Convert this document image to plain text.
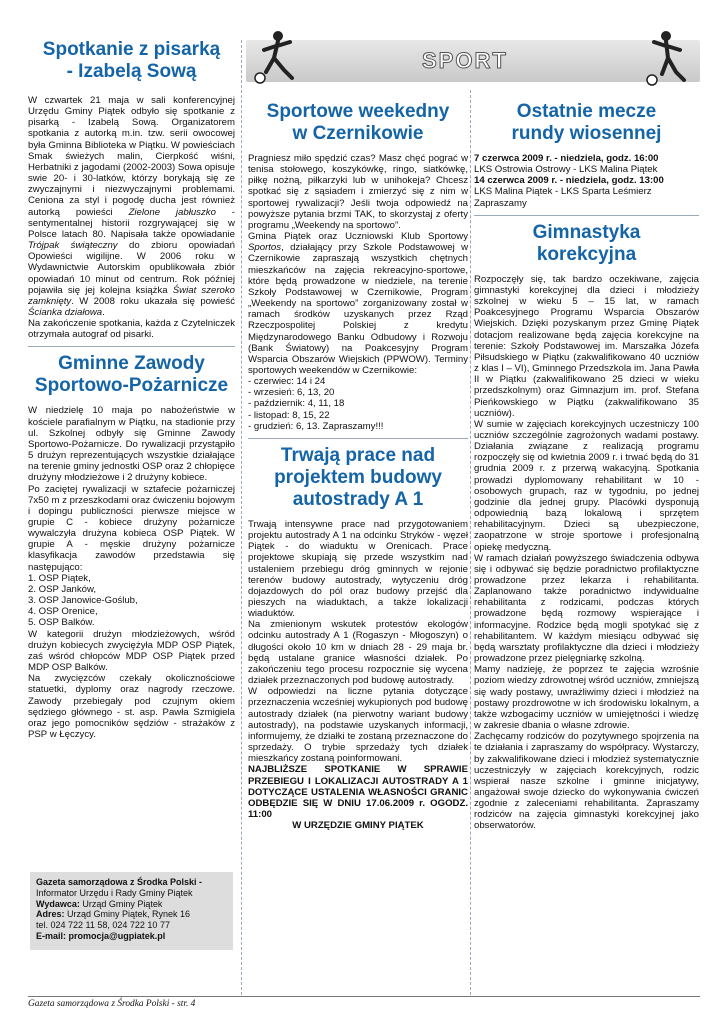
SPORT
Spotkanie z pisarką
- Izabelą Sową

W czwartek 21 maja w sali konferencyjnej Urzędu Gminy Piątek odbyło się spotkanie z pisarką - Izabelą Sową. Organizatorem spotkania z autorką m.in. tzw. serii owocowej była Gminna Biblioteka w Piątku. W powieściach Smak świeżych malin, Cierpkość wiśni, Herbatniki z jagodami (2002-2003) Sowa opisuje swie 20- i 30-latków, którzy borykają się ze zwyczajnymi i niezwyczajnymi problemami. Ceniona za styl i pogodę ducha jest również autorką powieści Zielone jabłuszko - sentymentalnej historii rozgrywającej się w Polsce latach 80. Napisała także opowiadanie Trójpak świąteczny do zbioru opowiadań Opowieści wigilijne. W 2006 roku w Wydawnictwie Autorskim opublikowała zbiór opowiadań 10 minut od centrum. Rok później pojawiła się jej kolejna książka Świat szeroko zamknięty. W 2008 roku ukazała się powieść Ścianka działowa.

Na zakończenie spotkania, każda z Czytelniczek otrzymała autograf od pisarki.

Gminne Zawody
Sportowo-Pożarnicze

W niedzielę 10 maja po nabożeństwie w kościele parafialnym w Piątku, na stadionie przy ul. Szkolnej odbyły się Gminne Zawody Sportowo-Pożarnicze. Do rywalizacji przystąpiło 5 drużyn reprezentujących wszystkie działające na terenie gminy jednostki OSP oraz 2 chłopięce drużyny młodzieżowe i 2 drużyny kobiece.

Po zaciętej rywalizacji w sztafecie pożarniczej 7x50 m z przeszkodami oraz ćwiczeniu bojowym i dopingu publiczności pierwsze miejsce w grupie C - kobiece drużyny pożarnicze wywalczyła drużyna kobieca OSP Piątek. W grupie A - męskie drużyny pożarnicze klasyfikacja zawodów przedstawia się następująco:

1. OSP Piątek,

2. OSP Janków,

3. OSP Janowice-Goślub,

4. OSP Orenice,

5. OSP Balków.

W kategorii drużyn młodzieżowych, wśród drużyn kobiecych zwyciężyła MDP OSP Piątek, zaś wśród chłopców MDP OSP Piątek przed MDP OSP Balków.

Na zwycięzców czekały okolicznościowe statuetki, dyplomy oraz nagrody rzeczowe. Zawody przebiegały pod czujnym okiem sędziego głównego - st. asp. Pawła Szmigiela oraz jego pomocników sędziów - strażaków z PSP w Łęczycy.

Gazeta samorządowa z Środka Polski -
Informator Urzędu i Rady Gminy Piątek
Wydawca: Urząd Gminy Piątek
Adres: Urząd Gminy Piątek, Rynek 16
tel. 024 722 11 58, 024 722 10 77
E-mail: promocja@ugpiatek.pl
Sportowe weekedny
w Czernikowie

Pragniesz miło spędzić czas? Masz chęć pograć w tenisa stołowego, koszykówkę, ringo, siatkówkę, piłkę nożną, piłkarzyki lub w unihokeja? Chcesz spotkać się z sąsiadem i zmierzyć się z nim w sportowej rywalizacji? Jeśli twoja odpowiedź na powyższe pytania brzmi TAK, to skorzystaj z oferty programu „Weekendy na sportowo”.

Gmina Piątek oraz Uczniowski Klub Sportowy Sportos, działający przy Szkole Podstawowej w Czernikowie zapraszają wszystkich chętnych mieszkańców na zajęcia rekreacyjno-sportowe, które będą prowadzone w niedziele, na terenie Szkoły Podstawowej w Czernikowie, Program „Weekendy na sportowo” zorganizowany został w ramach środków uzyskanych przez Rząd Rzeczpospolitej Polskiej z kredytu Międzynarodowego Banku Odbudowy i Rozwoju (Bank Światowy) na Poakcesyjny Program Wsparcia Obszarów Wiejskich (PPWOW). Terminy sportowych weekendów w Czernikowie:

- czerwiec: 14 i 24

- wrzesień: 6, 13, 20

- październik: 4, 11, 18

- listopad: 8, 15, 22

- grudzień: 6, 13. Zapraszamy!!!

Trwają prace nad
projektem budowy
autostrady A 1

Trwają intensywne prace nad przygotowaniem projektu autostrady A 1 na odcinku Stryków - węzeł Piątek - do wiaduktu w Orenicach. Prace projektowe skupiają się przede wszystkim nad ustaleniem przebiegu dróg gminnych w rejonie terenów budowy autostrady, wytyczeniu dróg dojazdowych do pól oraz budowy przejść dla pieszych na wiaduktach, a także lokalizacji wiaduktów.

Na zmienionym wskutek protestów ekologów odcinku autostrady A 1 (Rogaszyn - Młogoszyn) o długości około 10 km w dniach 28 - 29 maja br. będą ustalane granice własności działek. Po zakończeniu tego procesu rozpocznie się wycena działek przeznaczonych pod budowę autostrady.

W odpowiedzi na liczne pytania dotyczące przeznaczenia wcześniej wykupionych pod budowę autostrady działek (na pierwotny wariant budowy autostrady), na podstawie uzyskanych informacji, informujemy, że działki te zostaną przeznaczone do sprzedaży. O trybie sprzedaży tych działek mieszkańcy zostaną poinformowani.

NAJBLIŻSZE SPOTKANIE W SPRAWIE PRZEBIEGU I LOKALIZACJI AUTOSTRADY A 1 DOTYCZĄCE USTALENIA WŁASNOŚCI GRANIC ODBĘDZIE SIĘ W DNIU 17.06.2009 r. OGODZ. 11:00

W URZĘDZIE GMINY PIĄTEK

Ostatnie mecze
rundy wiosennej

7 czerwca 2009 r. - niedziela, godz. 16:00

LKS Ostrowia Ostrowy - LKS Malina Piątek

14 czerwca 2009 r. - niedziela, godz. 13:00

LKS Malina Piątek - LKS Sparta Leśmierz

Zapraszamy

Gimnastyka
korekcyjna

Rozpoczęły się, tak bardzo oczekiwane, zajęcia gimnastyki korekcyjnej dla dzieci i młodzieży szkolnej w wieku 5 – 15 lat, w ramach Poakcesyjnego Programu Wsparcia Obszarów Wiejskich. Dzięki pozyskanym przez Gminę Piątek dotacjom realizowane będą zajęcia korekcyjne na terenie: Szkoły Podstawowej im. Marszałka Józefa Piłsudskiego w Piątku (zakwalifikowano 40 uczniów z klas I – VI), Gminnego Przedszkola im. Jana Pawła II w Piątku (zakwalifikowano 25 dzieci w wieku przedszkolnym) oraz Gimnazjum im. prof. Stefana Pieńkowskiego w Piątku (zakwalifikowano 35 uczniów).

W sumie w zajęciach korekcyjnych uczestniczy 100 uczniów szczególnie zagrożonych wadami postawy. Działania związane z realizacją programu rozpoczęły się od kwietnia 2009 r. i trwać będą do 31 grudnia 2009 r. z przerwą wakacyjną. Spotkania prowadzi dyplomowany rehabilitant w 10 - osobowych grupach, raz w tygodniu, po jednej godzinie dla jednej grupy. Placówki dysponują odpowiednią bazą lokalową i sprzętem rehabilitacyjnym. Dzieci są ubezpieczone, zaopatrzone w stroje sportowe i profesjonalną opiekę medyczną.

W ramach działań powyższego świadczenia odbywa się i odbywać się będzie poradnictwo profilaktyczne prowadzone przez lekarza i rehabilitanta. Zaplanowano także poradnictwo indywidualne rehabilitanta z rodzicami, podczas których prowadzone będą rozmowy wspierające i informacyjne. Rodzice będą mogli spotykać się z rehabilitantem. W każdym miesiącu odbywać się będą warsztaty profilaktyczne dla dzieci i młodzieży prowadzone przez pielęgniarkę szkolną.

Mamy nadzieję, że poprzez te zajęcia wzrośnie poziom wiedzy zdrowotnej wśród uczniów, zmniejszą się wady postawy, uwrażliwimy dzieci i młodzież na postawy prozdrowotne w ich środowisku lokalnym, a także wzbogacimy uczniów w umiejętności i wiedzę w zakresie dbania o własne zdrowie.

Zachęcamy rodziców do pozytywnego spojrzenia na te działania i zapraszamy do współpracy. Wystarczy, by zakwalifikowane dzieci i młodzież systematycznie uczestniczyły w zajęciach korekcyjnych, rodzic wspierał nasze szkolne i gminne inicjatywy, angażował swoje dziecko do wykonywania ćwiczeń zgodnie z zaleceniami rehabilitanta. Zapraszamy rodziców na zajęcia gimnastyki korekcyjnej jako obserwatorów.

Gazeta samorządowa z Środka Polski - str. 4
